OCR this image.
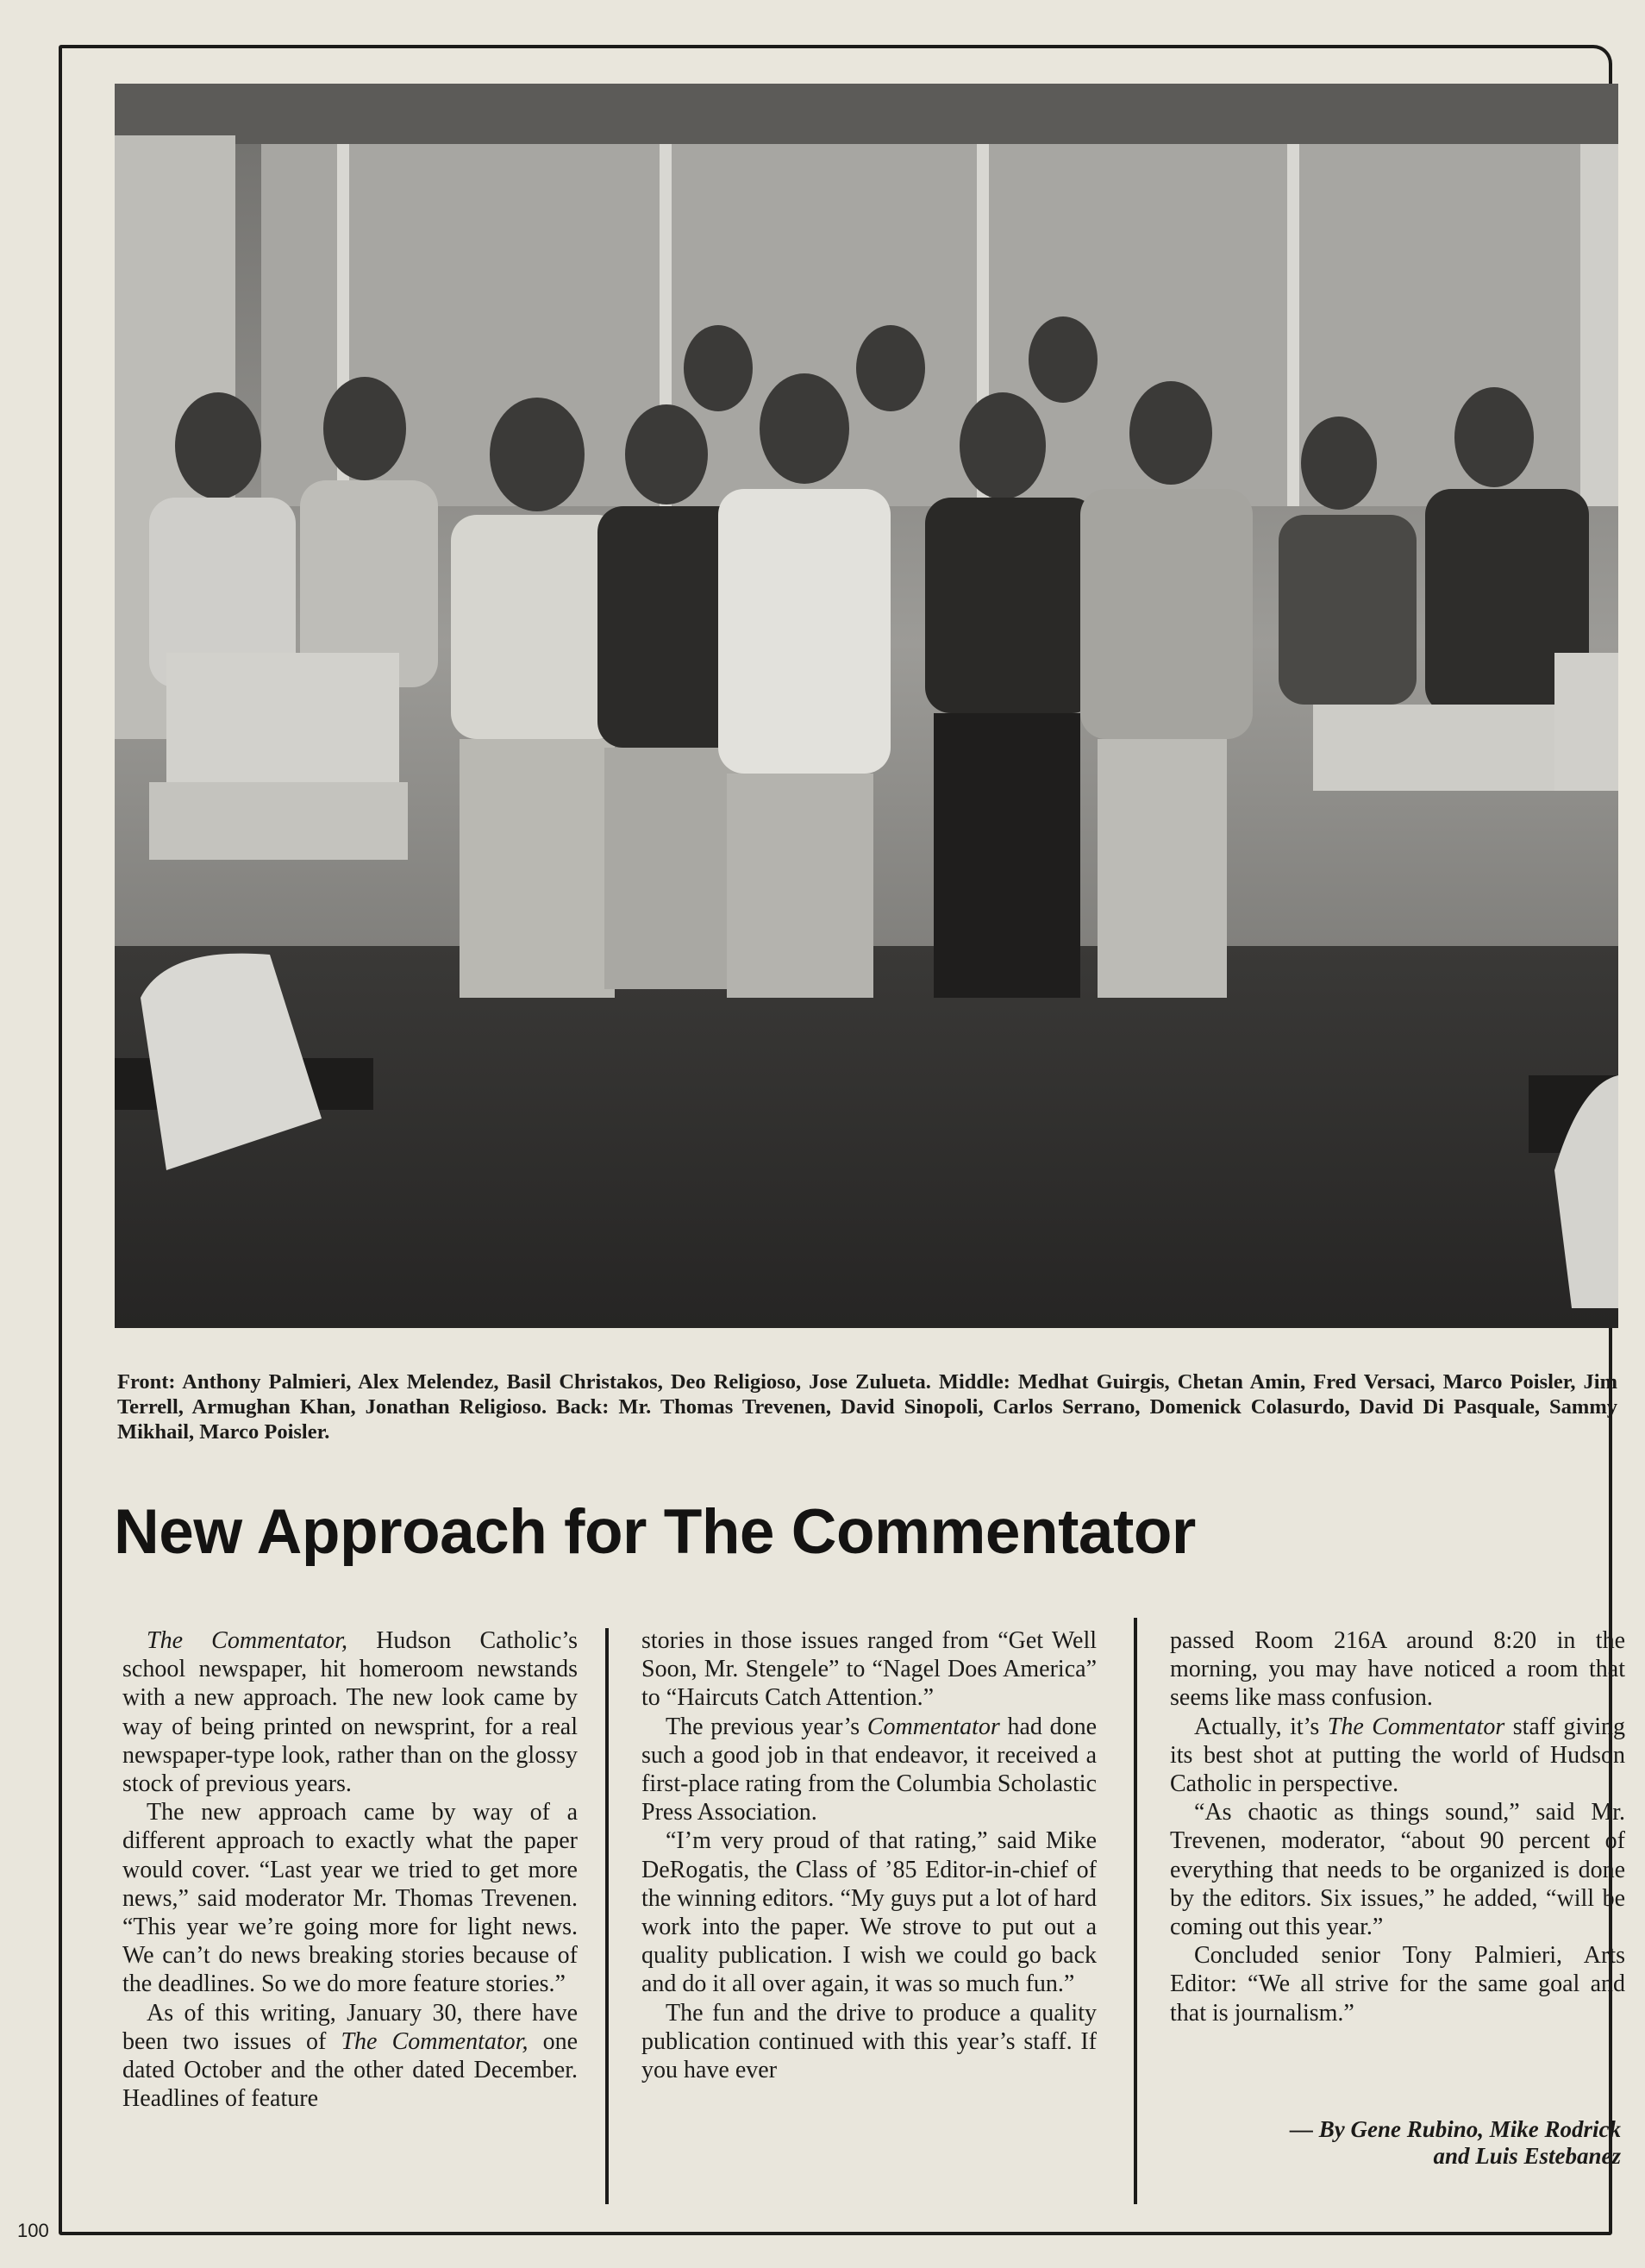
Front: Anthony Palmieri, Alex Melendez, Basil Christakos, Deo Religioso, Jose Zulueta. Middle: Medhat Guirgis, Chetan Amin, Fred Versaci, Marco Poisler, Jim Terrell, Armughan Khan, Jonathan Religioso. Back: Mr. Thomas Trevenen, David Sinopoli, Carlos Serrano, Domenick Colasurdo, David Di Pasquale, Sammy Mikhail, Marco Poisler.
New Approach for The Commentator

The Commentator, Hudson Catholic’s school newspaper, hit homeroom newstands with a new approach. The new look came by way of being printed on newsprint, for a real newspaper-type look, rather than on the glossy stock of previous years.

The new approach came by way of a different approach to exactly what the paper would cover. “Last year we tried to get more news,” said moderator Mr. Thomas Trevenen. “This year we’re going more for light news. We can’t do news breaking stories because of the deadlines. So we do more feature stories.”

As of this writing, January 30, there have been two issues of The Commentator, one dated October and the other dated December. Headlines of feature

stories in those issues ranged from “Get Well Soon, Mr. Stengele” to “Nagel Does America” to “Haircuts Catch Attention.”

The previous year’s Commentator had done such a good job in that endeavor, it received a first-place rating from the Columbia Scholastic Press Association.

“I’m very proud of that rating,” said Mike DeRogatis, the Class of ’85 Editor-in-chief of the winning editors. “My guys put a lot of hard work into the paper. We strove to put out a quality publication. I wish we could go back and do it all over again, it was so much fun.”

The fun and the drive to produce a quality publication continued with this year’s staff. If you have ever

passed Room 216A around 8:20 in the morning, you may have noticed a room that seems like mass confusion.

Actually, it’s The Commentator staff giving its best shot at putting the world of Hudson Catholic in perspective.

“As chaotic as things sound,” said Mr. Trevenen, moderator, “about 90 percent of everything that needs to be organized is done by the editors. Six issues,” he added, “will be coming out this year.”

Concluded senior Tony Palmieri, Arts Editor: “We all strive for the same goal and that is journalism.”

— By Gene Rubino, Mike Rodrick
and Luis Estebanez
100
